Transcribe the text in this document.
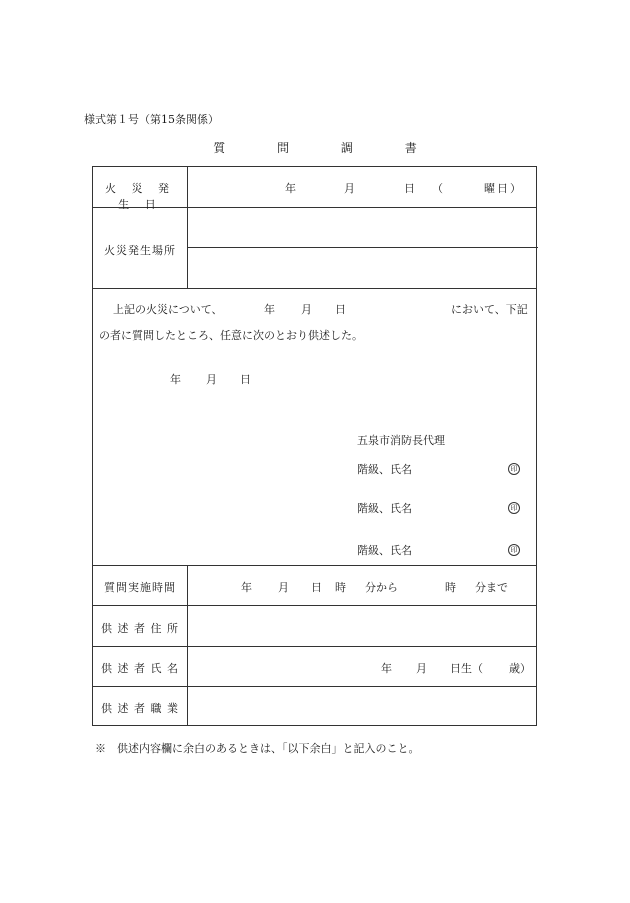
様式第１号（第15条関係）
質	問	調	書
火 災 発 生 日
年	月	日 （　　　曜日）
火災発生場所
上記の火災について、	年 月 日	において、下記
の者に質問したところ、任意に次のとおり供述した。
年 月 日
五泉市消防長代理
階級、氏名	印
階級、氏名	印
階級、氏名	印
質問実施時間	年 月 日 時 分から	時 分まで
供 述 者 住 所
供 述 者 氏 名	年 月 日生（ 歳）
供 述 者 職 業
※　供述内容欄に余白のあるときは、「以下余白」と記入のこと。
